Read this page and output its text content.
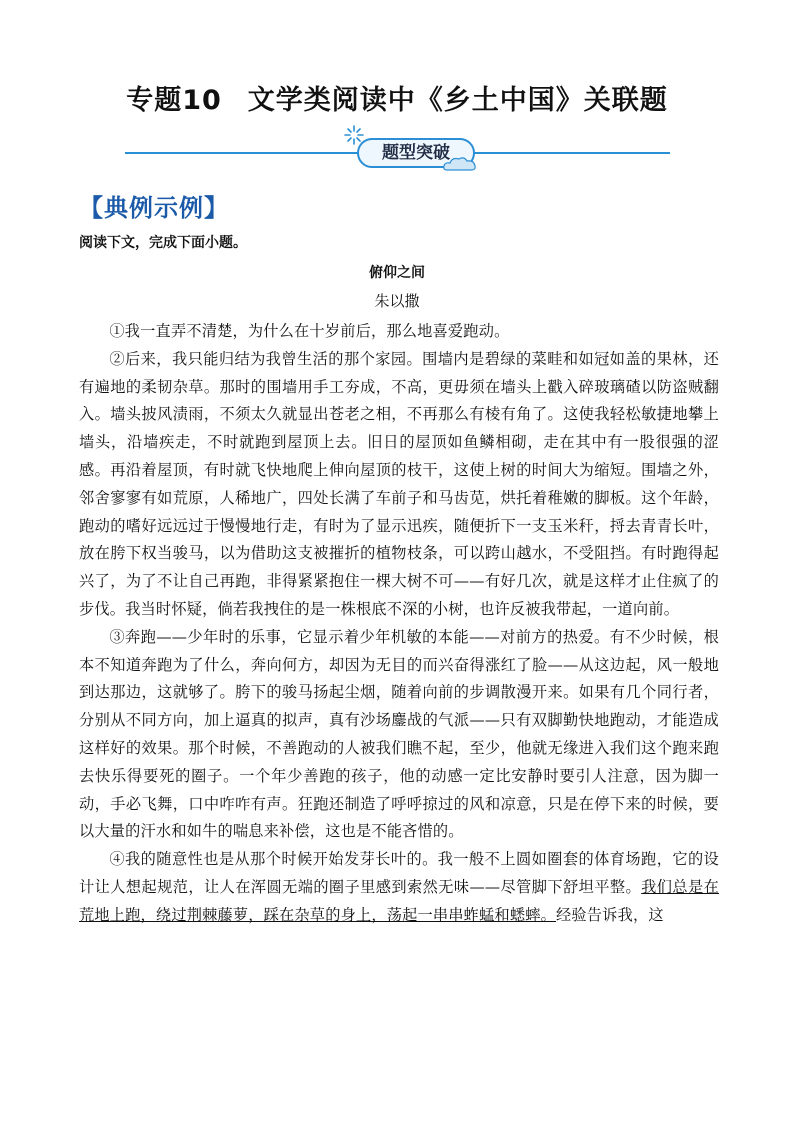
专题10 文学类阅读中《乡土中国》关联题
题型突破
【典例示例】
阅读下文，完成下面小题。
俯仰之间
朱以撒

①我一直弄不清楚，为什么在十岁前后，那么地喜爱跑动。

②后来，我只能归结为我曾生活的那个家园。围墙内是碧绿的菜畦和如冠如盖的果林，还有遍地的柔韧杂草。那时的围墙用手工夯成，不高，更毋须在墙头上戳入碎玻璃碴以防盗贼翻入。墙头披风渍雨，不须太久就显出苍老之相，不再那么有棱有角了。这使我轻松敏捷地攀上墙头，沿墙疾走，不时就跑到屋顶上去。旧日的屋顶如鱼鳞相砌，走在其中有一股很强的涩感。再沿着屋顶，有时就飞快地爬上伸向屋顶的枝干，这使上树的时间大为缩短。围墙之外，邻舍寥寥有如荒原，人稀地广，四处长满了车前子和马齿苋，烘托着稚嫩的脚板。这个年龄，跑动的嗜好远远过于慢慢地行走，有时为了显示迅疾，随便折下一支玉米秆，捋去青青长叶，放在胯下权当骏马，以为借助这支被摧折的植物枝条，可以跨山越水，不受阻挡。有时跑得起兴了，为了不让自己再跑，非得紧紧抱住一棵大树不可——有好几次，就是这样才止住疯了的步伐。我当时怀疑，倘若我拽住的是一株根底不深的小树，也许反被我带起，一道向前。

③奔跑——少年时的乐事，它显示着少年机敏的本能——对前方的热爱。有不少时候，根本不知道奔跑为了什么，奔向何方，却因为无目的而兴奋得涨红了脸——从这边起，风一般地到达那边，这就够了。胯下的骏马扬起尘烟，随着向前的步调散漫开来。如果有几个同行者，分别从不同方向，加上逼真的拟声，真有沙场鏖战的气派——只有双脚勤快地跑动，才能造成这样好的效果。那个时候，不善跑动的人被我们瞧不起，至少，他就无缘进入我们这个跑来跑去快乐得要死的圈子。一个年少善跑的孩子，他的动感一定比安静时要引人注意，因为脚一动，手必飞舞，口中咋咋有声。狂跑还制造了呼呼掠过的风和凉意，只是在停下来的时候，要以大量的汗水和如牛的喘息来补偿，这也是不能吝惜的。

④我的随意性也是从那个时候开始发芽长叶的。我一般不上圆如圈套的体育场跑，它的设计让人想起规范，让人在浑圆无端的圈子里感到索然无味——尽管脚下舒坦平整。我们总是在荒地上跑，绕过荆棘藤萝，踩在杂草的身上，荡起一串串蚱蜢和蟋蟀。经验告诉我，这
